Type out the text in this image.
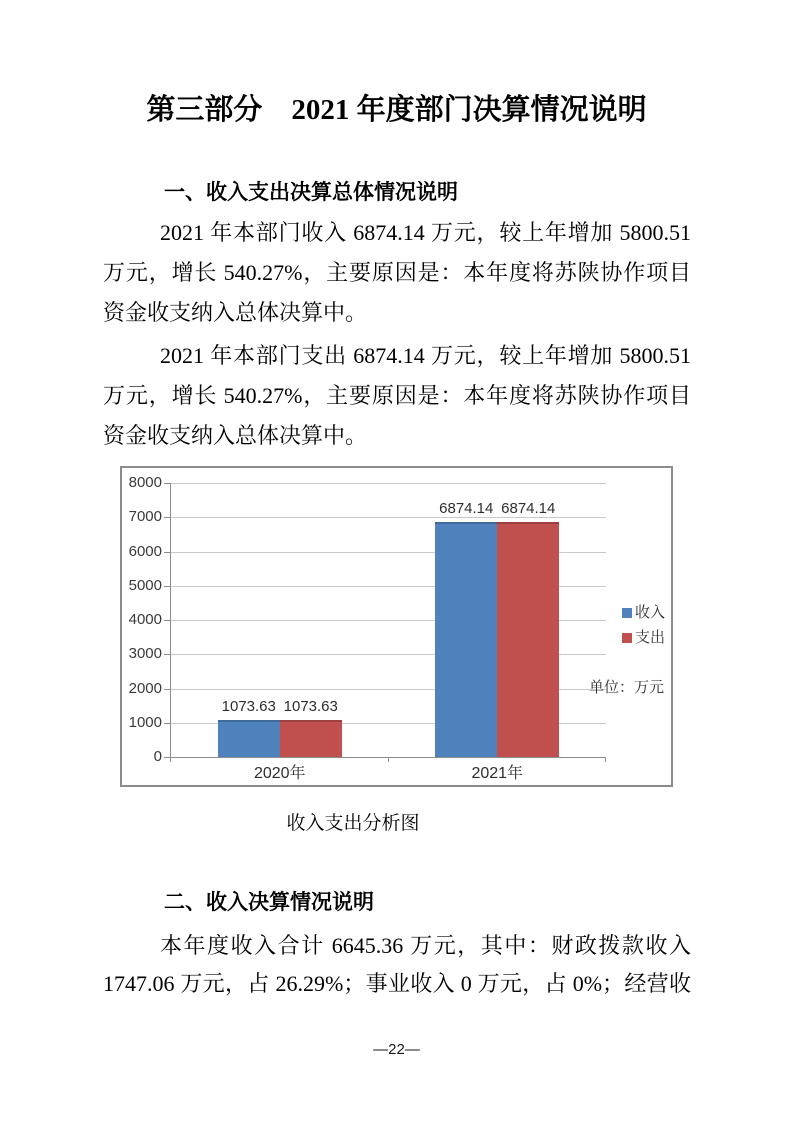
第三部分　2021 年度部门决算情况说明
一、收入支出决算总体情况说明

2021 年本部门收入 6874.14 万元，较上年增加 5800.51 万元，增长 540.27%，主要原因是：本年度将苏陕协作项目资金收支纳入总体决算中。

2021 年本部门支出 6874.14 万元，较上年增加 5800.51 万元，增长 540.27%，主要原因是：本年度将苏陕协作项目资金收支纳入总体决算中。

1073.63 1073.63
2020年
6874.14 6874.14
2021年
收入
支出
单位：万元
0
1000
2000
3000
4000
5000
6000
7000
8000
收入支出分析图
二、收入决算情况说明

本年度收入合计 6645.36 万元，其中：财政拨款收入 1747.06 万元，占 26.29%；事业收入 0 万元，占 0%；经营收

—22—
